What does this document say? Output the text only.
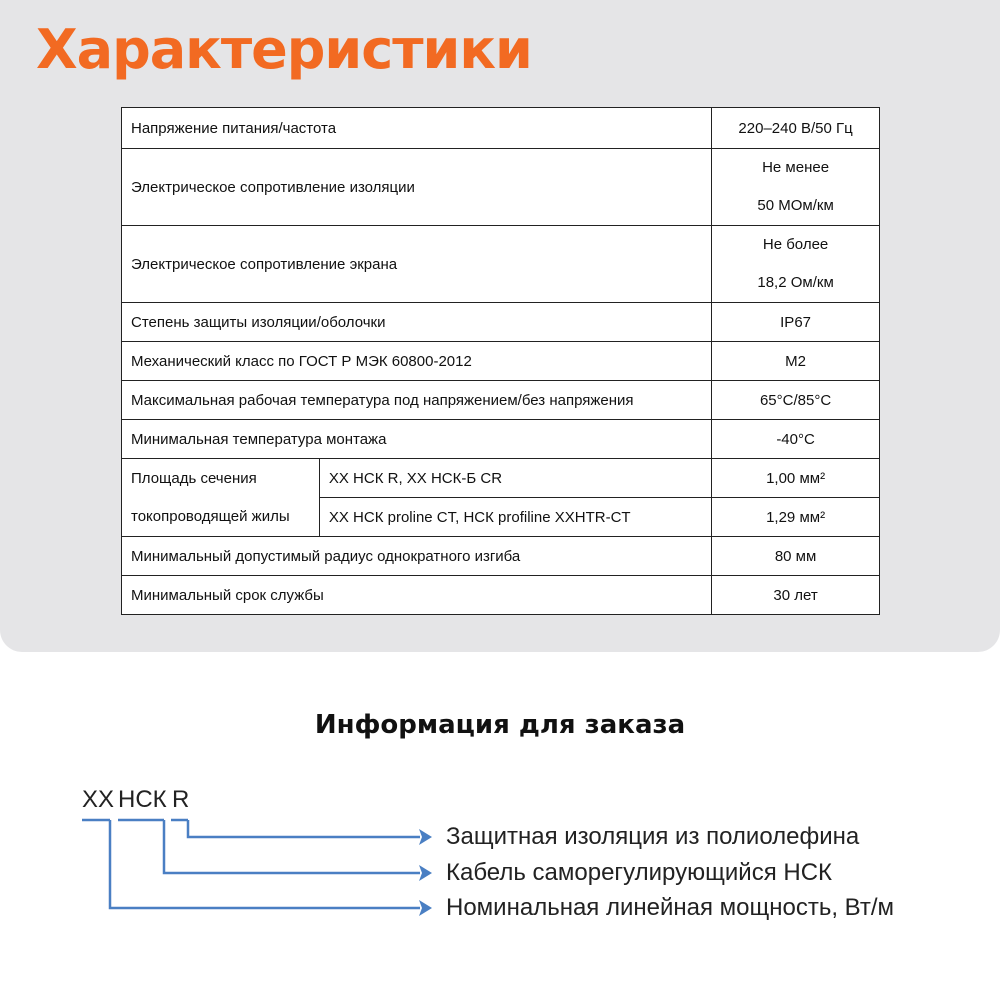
Характеристики
Напряжение питания/частота		220–240 В/50 Гц
Электрическое сопротивление изоляции		Не менее
50 МОм/км

Электрическое сопротивление экрана		Не более
18,2 Ом/км

Степень защиты изоляции/оболочки		IP67
Механический класс по ГОСТ Р МЭК 60800-2012		M2
Максимальная рабочая температура под напряжением/без напряжения		65°С/85°С
Минимальная температура монтажа		-40°С

Площадь сечения
токопроводящей жилы	XX НСК R, XX НСК-Б CR	1,00 мм²
	XX НСК proline CT, НСК profiline XXHTR-CT	1,29 мм²
Минимальный допустимый радиус однократного изгиба		80 мм
Минимальный срок службы		30 лет
Информация для заказа
XX НСК R
Защитная изоляция из полиолефина
Кабель саморегулирующийся НСК
Номинальная линейная мощность, Вт/м
